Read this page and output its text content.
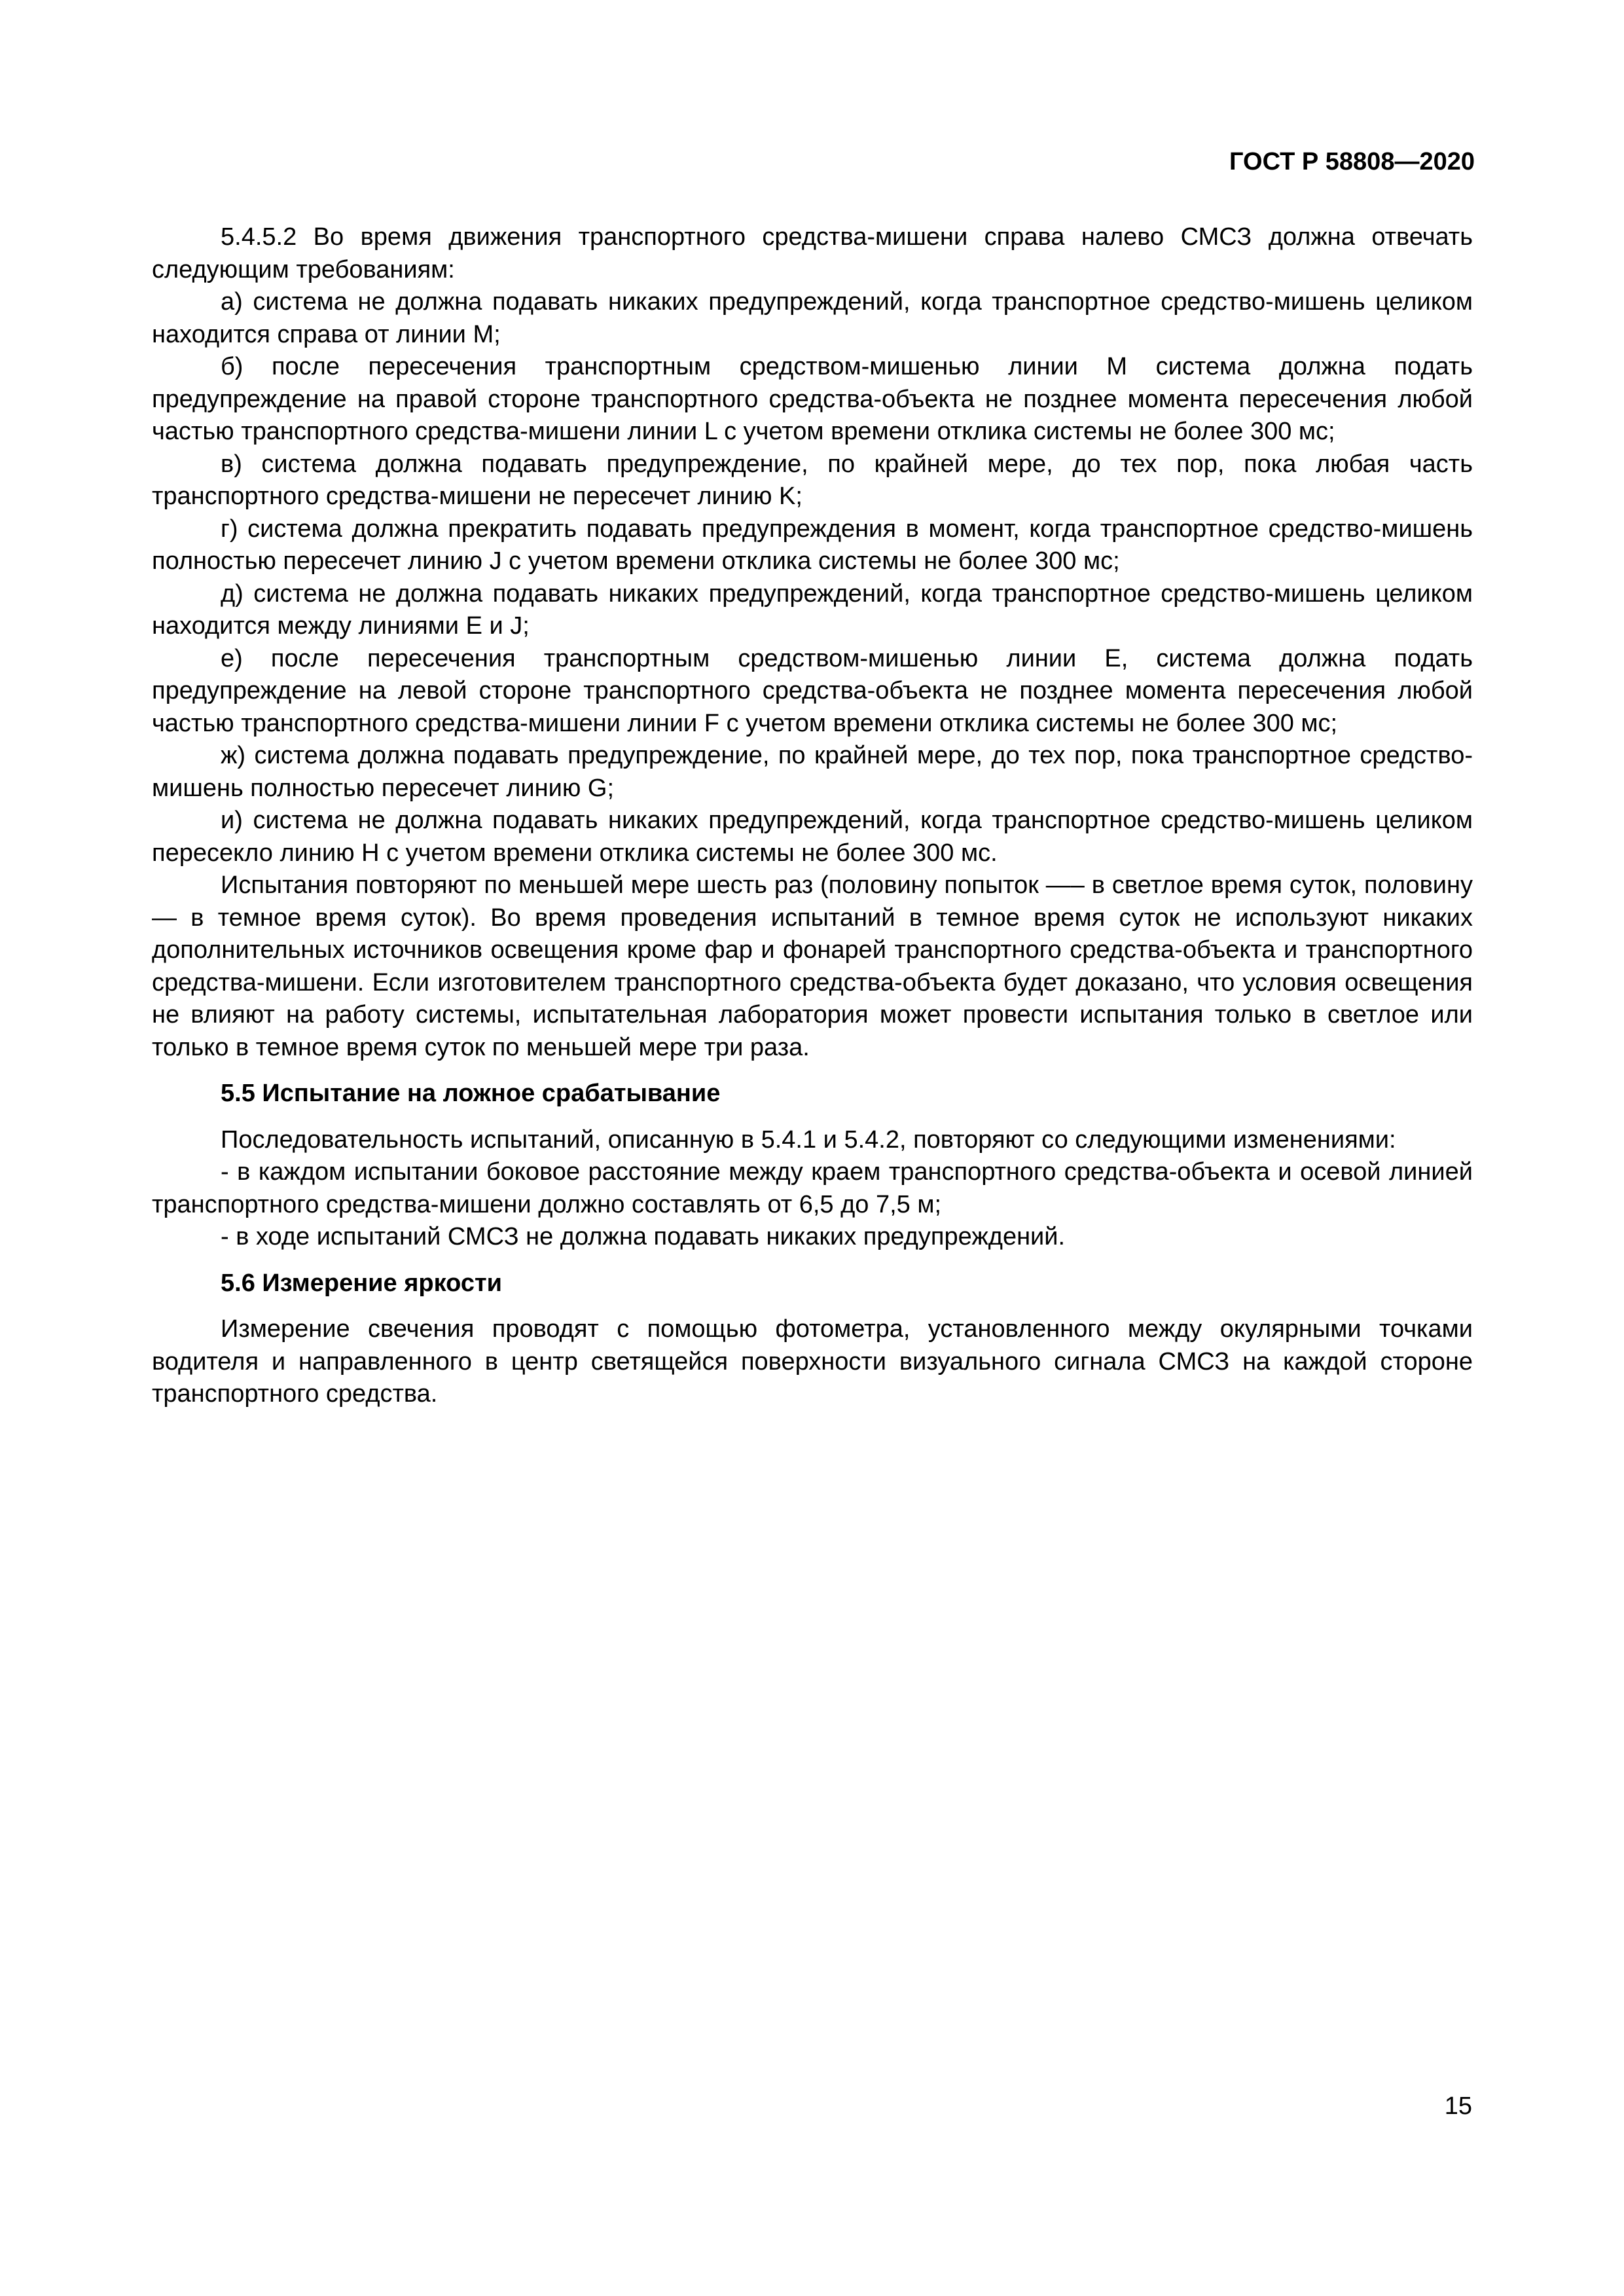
ГОСТ Р 58808—2020

5.4.5.2 Во время движения транспортного средства-мишени справа налево СМСЗ должна отвечать следующим требованиям:

а) система не должна подавать никаких предупреждений, когда транспортное средство-мишень целиком находится справа от линии М;

б) после пересечения транспортным средством-мишенью линии М система должна подать предупреждение на правой стороне транспортного средства-объекта не позднее момента пересечения любой частью транспортного средства-мишени линии L с учетом времени отклика системы не более 300 мс;

в) система должна подавать предупреждение, по крайней мере, до тех пор, пока любая часть транспортного средства-мишени не пересечет линию K;

г) система должна прекратить подавать предупреждения в момент, когда транспортное средство-мишень полностью пересечет линию J с учетом времени отклика системы не более 300 мс;

д) система не должна подавать никаких предупреждений, когда транспортное средство-мишень целиком находится между линиями Е и J;

е) после пересечения транспортным средством-мишенью линии Е, система должна подать предупреждение на левой стороне транспортного средства-объекта не позднее момента пересечения любой частью транспортного средства-мишени линии F с учетом времени отклика системы не более 300 мс;

ж) система должна подавать предупреждение, по крайней мере, до тех пор, пока транспортное средство-мишень полностью пересечет линию G;

и) система не должна подавать никаких предупреждений, когда транспортное средство-мишень целиком пересекло линию Н с учетом времени отклика системы не более 300 мс.

Испытания повторяют по меньшей мере шесть раз (половину попыток —– в светлое время суток, половину — в темное время суток). Во время проведения испытаний в темное время суток не используют никаких дополнительных источников освещения кроме фар и фонарей транспортного средства-объекта и транспортного средства-мишени. Если изготовителем транспортного средства-объекта будет доказано, что условия освещения не влияют на работу системы, испытательная лаборатория может провести испытания только в светлое или только в темное время суток по меньшей мере три раза.

5.5 Испытание на ложное срабатывание

Последовательность испытаний, описанную в 5.4.1 и 5.4.2, повторяют со следующими изменениями:

- в каждом испытании боковое расстояние между краем транспортного средства-объекта и осевой линией транспортного средства-мишени должно составлять от 6,5 до 7,5 м;

- в ходе испытаний СМСЗ не должна подавать никаких предупреждений.

5.6 Измерение яркости

Измерение свечения проводят с помощью фотометра, установленного между окулярными точками водителя и направленного в центр светящейся поверхности визуального сигнала СМСЗ на каждой стороне транспортного средства.

15
